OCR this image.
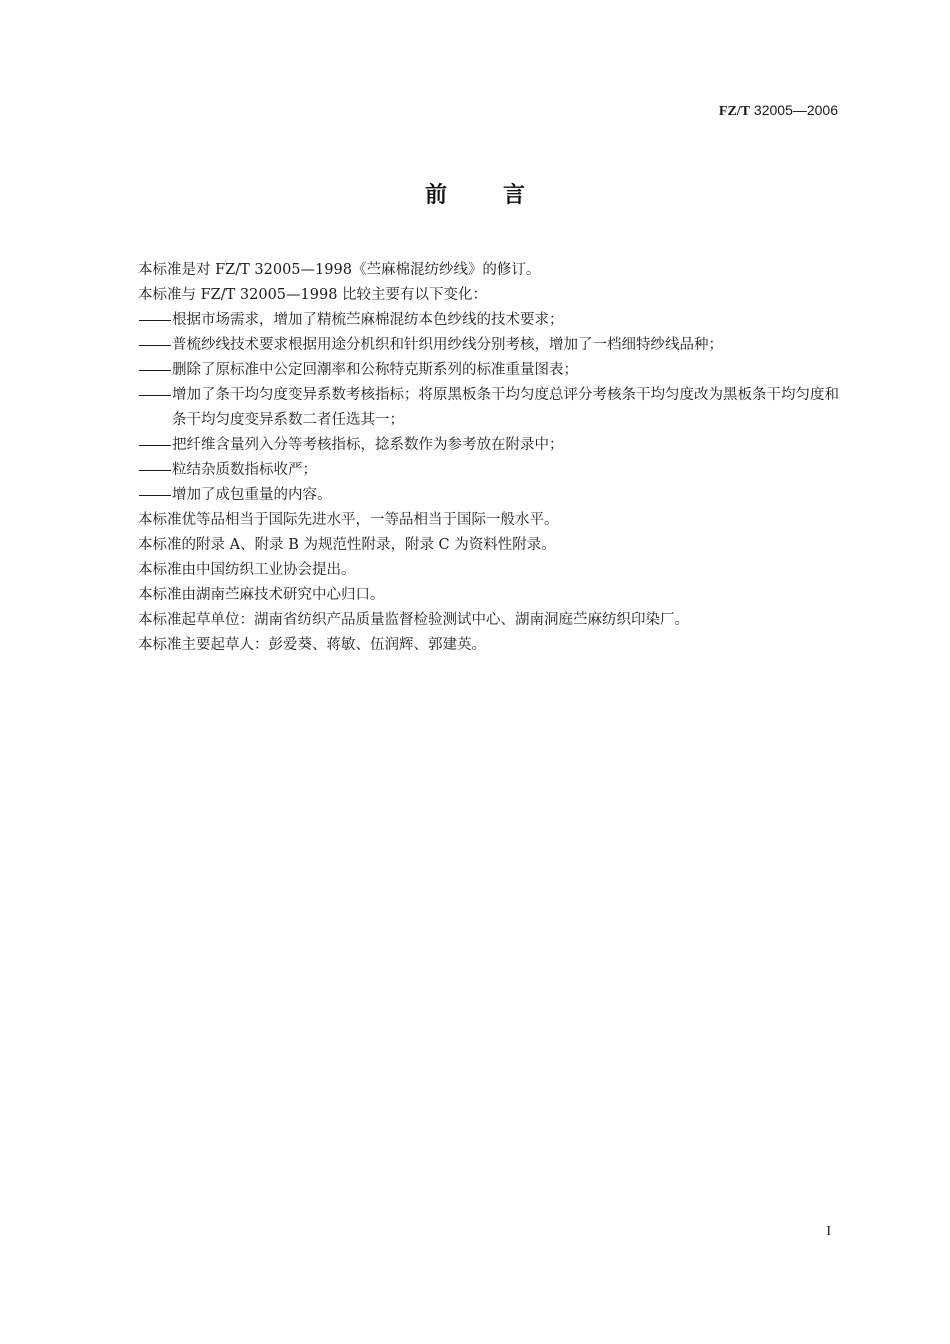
FZ/T 32005—2006
前言

本标准是对 FZ/T 32005—1998《苎麻棉混纺纱线》的修订。

本标准与 FZ/T 32005—1998 比较主要有以下变化：

根据市场需求，增加了精梳苎麻棉混纺本色纱线的技术要求；
普梳纱线技术要求根据用途分机织和针织用纱线分别考核，增加了一档细特纱线品种；
删除了原标准中公定回潮率和公称特克斯系列的标准重量图表；
增加了条干均匀度变异系数考核指标；将原黑板条干均匀度总评分考核条干均匀度改为黑板条干均匀度和条干均匀度变异系数二者任选其一；
把纤维含量列入分等考核指标，捻系数作为参考放在附录中；
粒结杂质数指标收严；
增加了成包重量的内容。

本标准优等品相当于国际先进水平，一等品相当于国际一般水平。

本标准的附录 A、附录 B 为规范性附录，附录 C 为资料性附录。

本标准由中国纺织工业协会提出。

本标准由湖南苎麻技术研究中心归口。

本标准起草单位：湖南省纺织产品质量监督检验测试中心、湖南洞庭苎麻纺织印染厂。

本标准主要起草人：彭爱葵、蒋敏、伍润辉、郭建英。

I
